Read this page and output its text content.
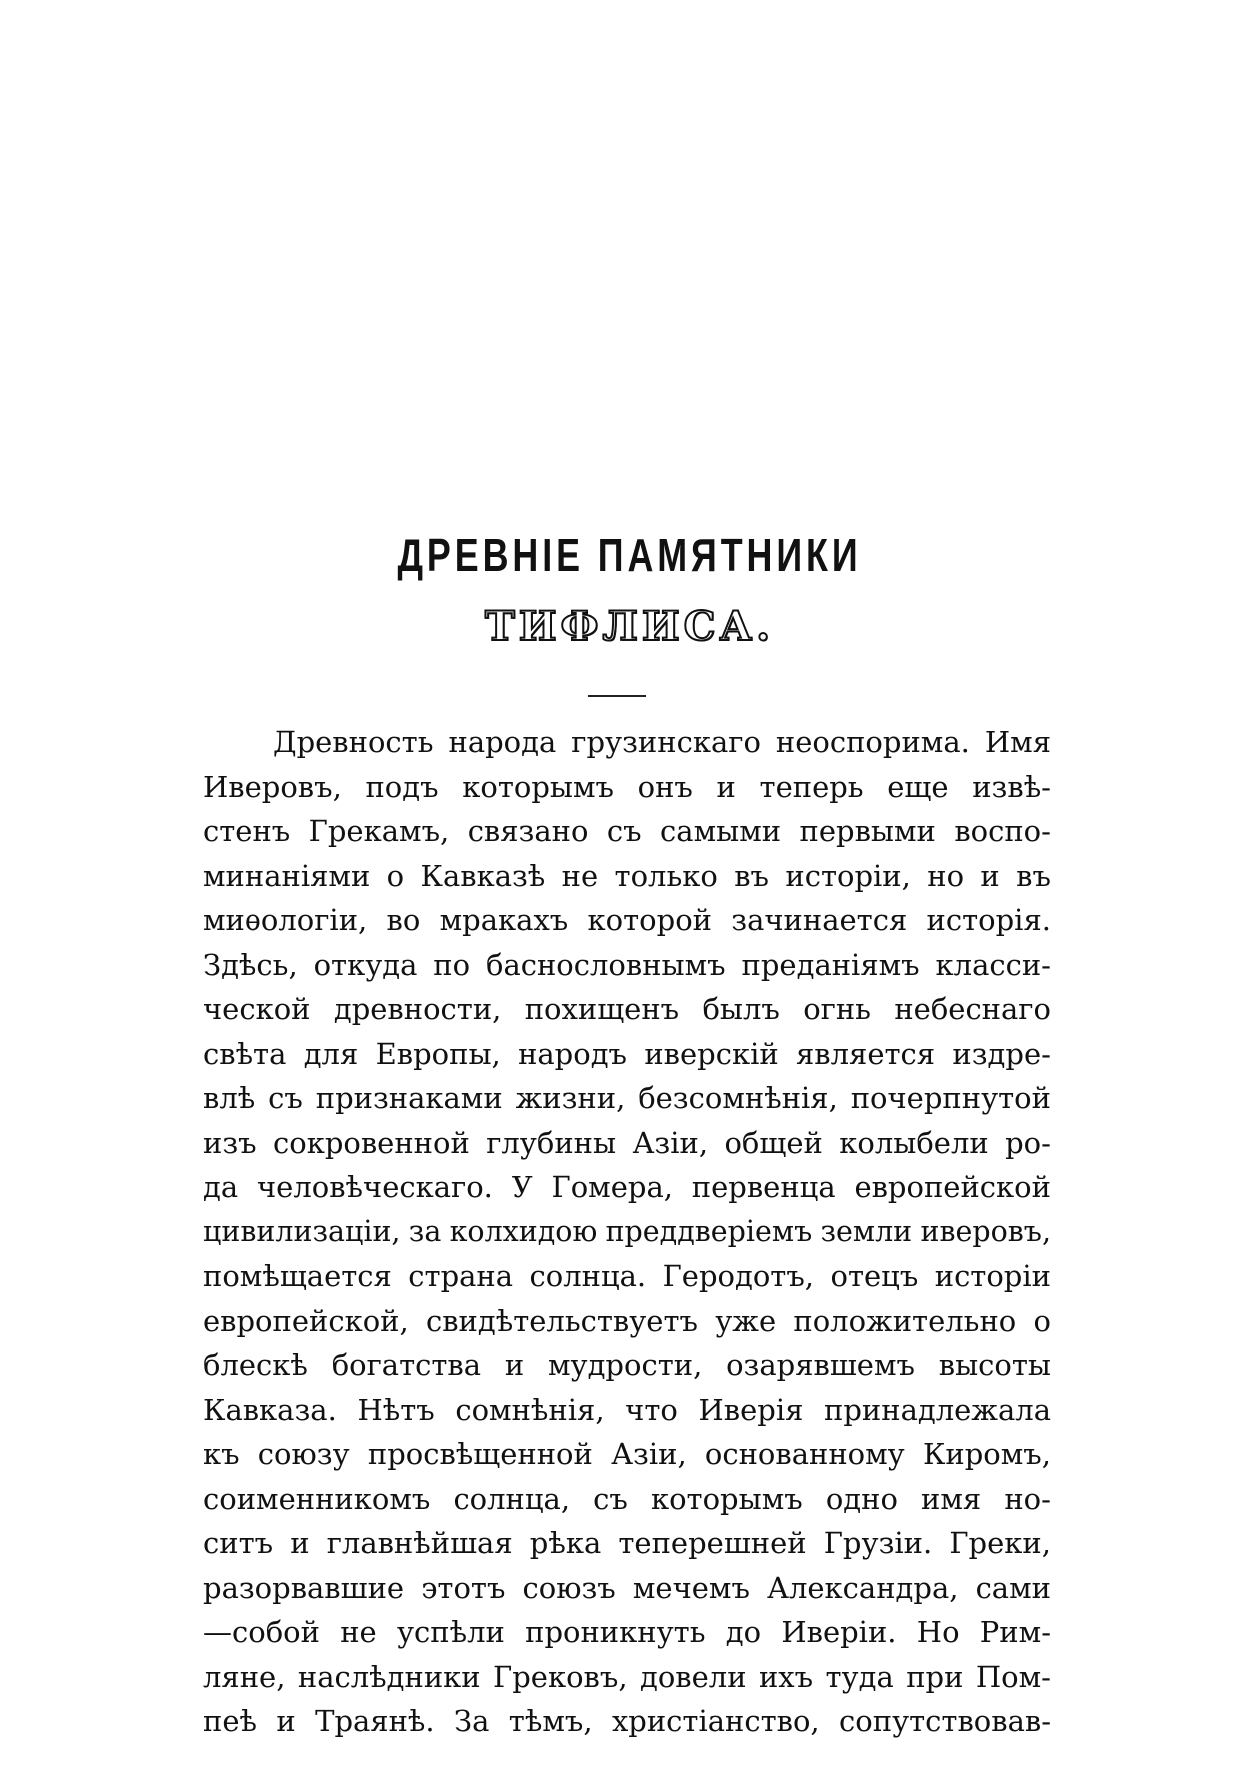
ДРЕВНIE ПАМЯТНИКИ
ТИФЛИСА.
Древность народа грузинскаго неоспорима. Имя
Иверовъ, подъ которымъ онъ и теперь еще извѣ-
стенъ Грекамъ, связано съ самыми первыми воспо-
минаніями о Кавказѣ не только въ исторіи, но и въ
миѳологіи, во мракахъ которой зачинается исторія.
Здѣсь, откуда по баснословнымъ преданіямъ класси-
ческой древности, похищенъ былъ огнь небеснаго
свѣта для Европы, народъ иверскій является издре-
влѣ съ признаками жизни, безсомнѣнія, почерпнутой
изъ сокровенной глубины Азіи, общей колыбели ро-
да человѣческаго. У Гомера, первенца европейской
цивилизаціи, за колхидою преддверіемъ земли иверовъ,
помѣщается страна солнца. Геродотъ, отецъ исторіи
европейской, свидѣтельствуетъ уже положительно о
блескѣ богатства и мудрости, озарявшемъ высоты
Кавказа. Нѣтъ сомнѣнія, что Иверія принадлежала
къ союзу просвѣщенной Азіи, основанному Киромъ,
соименникомъ солнца, съ которымъ одно имя но-
ситъ и главнѣйшая рѣка теперешней Грузіи. Греки,
разорвавшие этотъ союзъ мечемъ Александра, сами
—собой не успѣли проникнуть до Иверіи. Но Рим-
ляне, наслѣдники Грековъ, довели ихъ туда при Пом-
пеѣ и Траянѣ. За тѣмъ, христіанство, сопутствовав-
